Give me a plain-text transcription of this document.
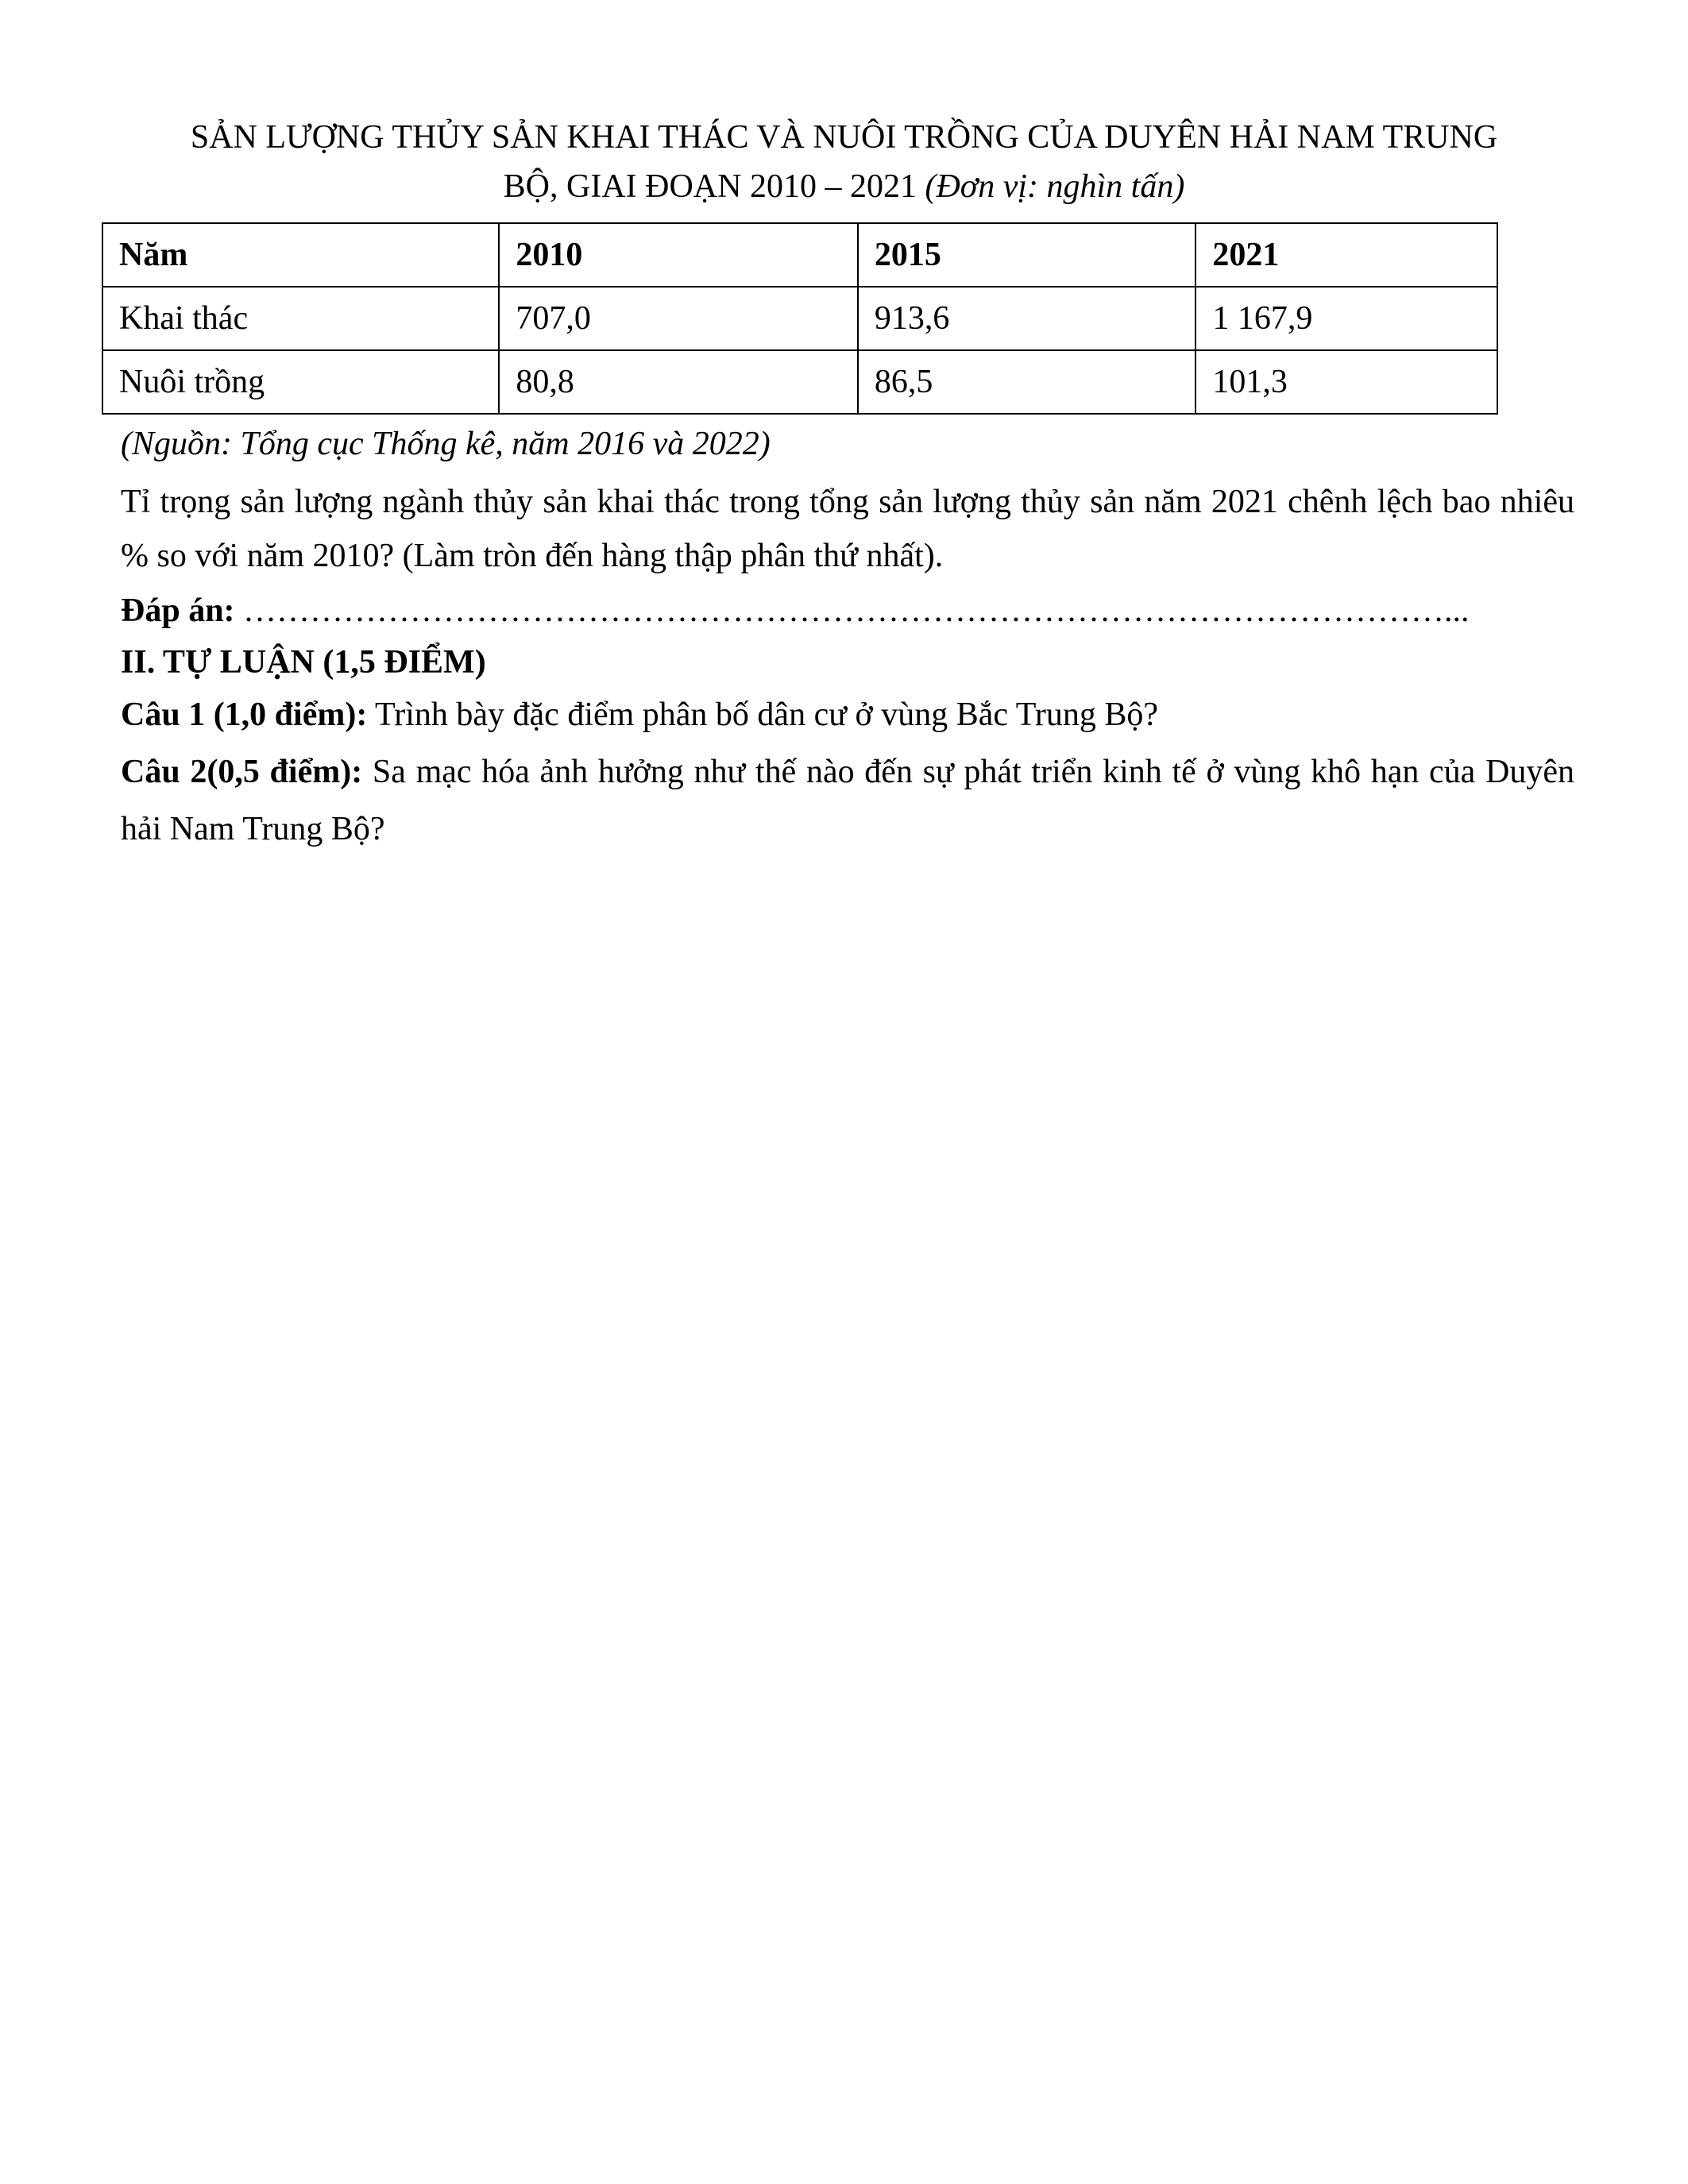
SẢN LƯỢNG THỦY SẢN KHAI THÁC VÀ NUÔI TRỒNG CỦA DUYÊN HẢI NAM TRUNG
BỘ, GIAI ĐOẠN 2010 – 2021 (Đơn vị: nghìn tấn)
Năm	2010	2015	2021
Khai thác	707,0	913,6	1 167,9
Nuôi trồng	80,8	86,5	101,3
(Nguồn: Tổng cục Thống kê, năm 2016 và 2022)
Tỉ trọng sản lượng ngành thủy sản khai thác trong tổng sản lượng thủy sản năm 2021 chênh lệch bao nhiêu % so với năm 2010? (Làm tròn đến hàng thập phân thứ nhất).
Đáp án: ………………………………………………………………………………………………...
II. TỰ LUẬN (1,5 ĐIỂM)
Câu 1 (1,0 điểm): Trình bày đặc điểm phân bố dân cư ở vùng Bắc Trung Bộ?
Câu 2(0,5 điểm): Sa mạc hóa ảnh hưởng như thế nào đến sự phát triển kinh tế ở vùng khô hạn của Duyên hải Nam Trung Bộ?
